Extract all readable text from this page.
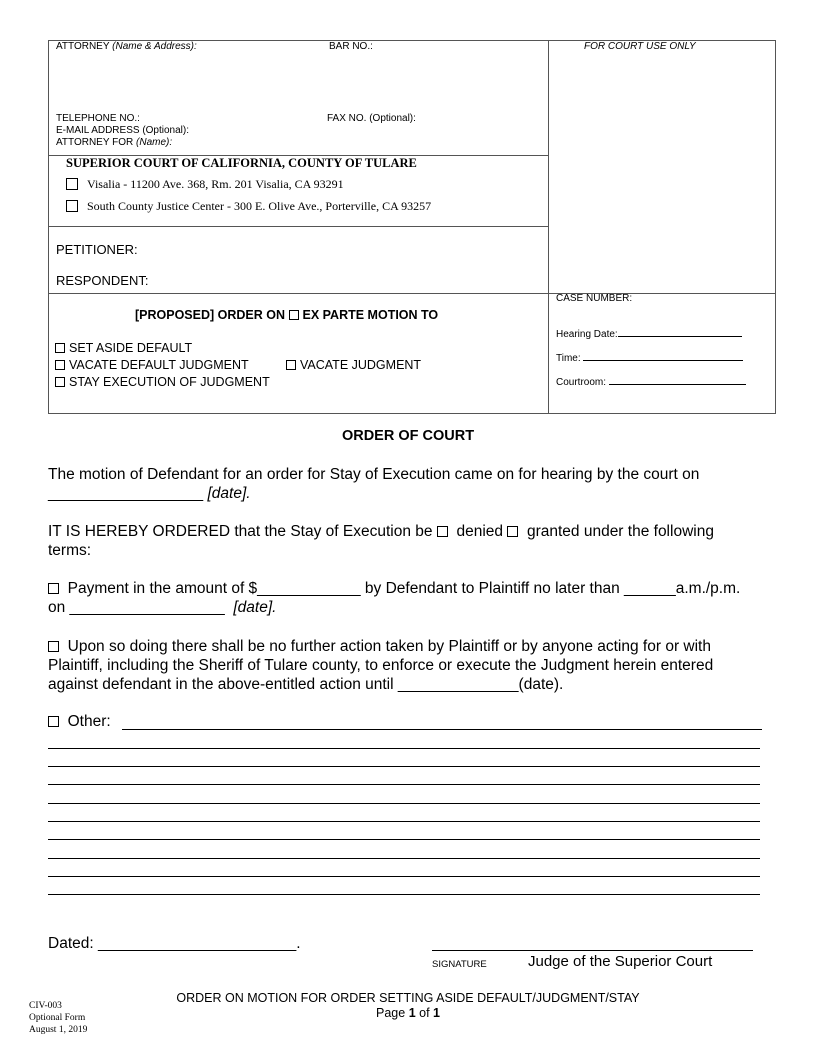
ATTORNEY (Name & Address):	BAR NO.:	FOR COURT USE ONLY
TELEPHONE NO.:	FAX NO. (Optional):
E-MAIL ADDRESS (Optional):
ATTORNEY FOR (Name):
SUPERIOR COURT OF CALIFORNIA, COUNTY OF TULARE
Visalia - 11200 Ave. 368, Rm. 201 Visalia, CA 93291
South County Justice Center - 300 E. Olive Ave., Porterville, CA 93257
PETITIONER:
RESPONDENT:
CASE NUMBER:
Hearing Date:
Time:
Courtroom:
[PROPOSED] ORDER ON EX PARTE MOTION TO
SET ASIDE DEFAULT
VACATE DEFAULT JUDGMENT	VACATE JUDGMENT
STAY EXECUTION OF JUDGMENT
ORDER OF COURT
The motion of Defendant for an order for Stay of Execution came on for hearing by the court on
__________________ [date].
IT IS HEREBY ORDERED that the Stay of Execution be denied granted under the following
terms:
Payment in the amount of $____________ by Defendant to Plaintiff no later than ______a.m./p.m.
on __________________ [date].
Upon so doing there shall be no further action taken by Plaintiff or by anyone acting for or with
Plaintiff, including the Sheriff of Tulare county, to enforce or execute the Judgment herein entered
against defendant in the above-entitled action until ______________(date).
Other:
Dated: _______________________.
SIGNATURE	Judge of the Superior Court
CIV-003
Optional Form
August 1, 2019
ORDER ON MOTION FOR ORDER SETTING ASIDE DEFAULT/JUDGMENT/STAY
Page 1 of 1
